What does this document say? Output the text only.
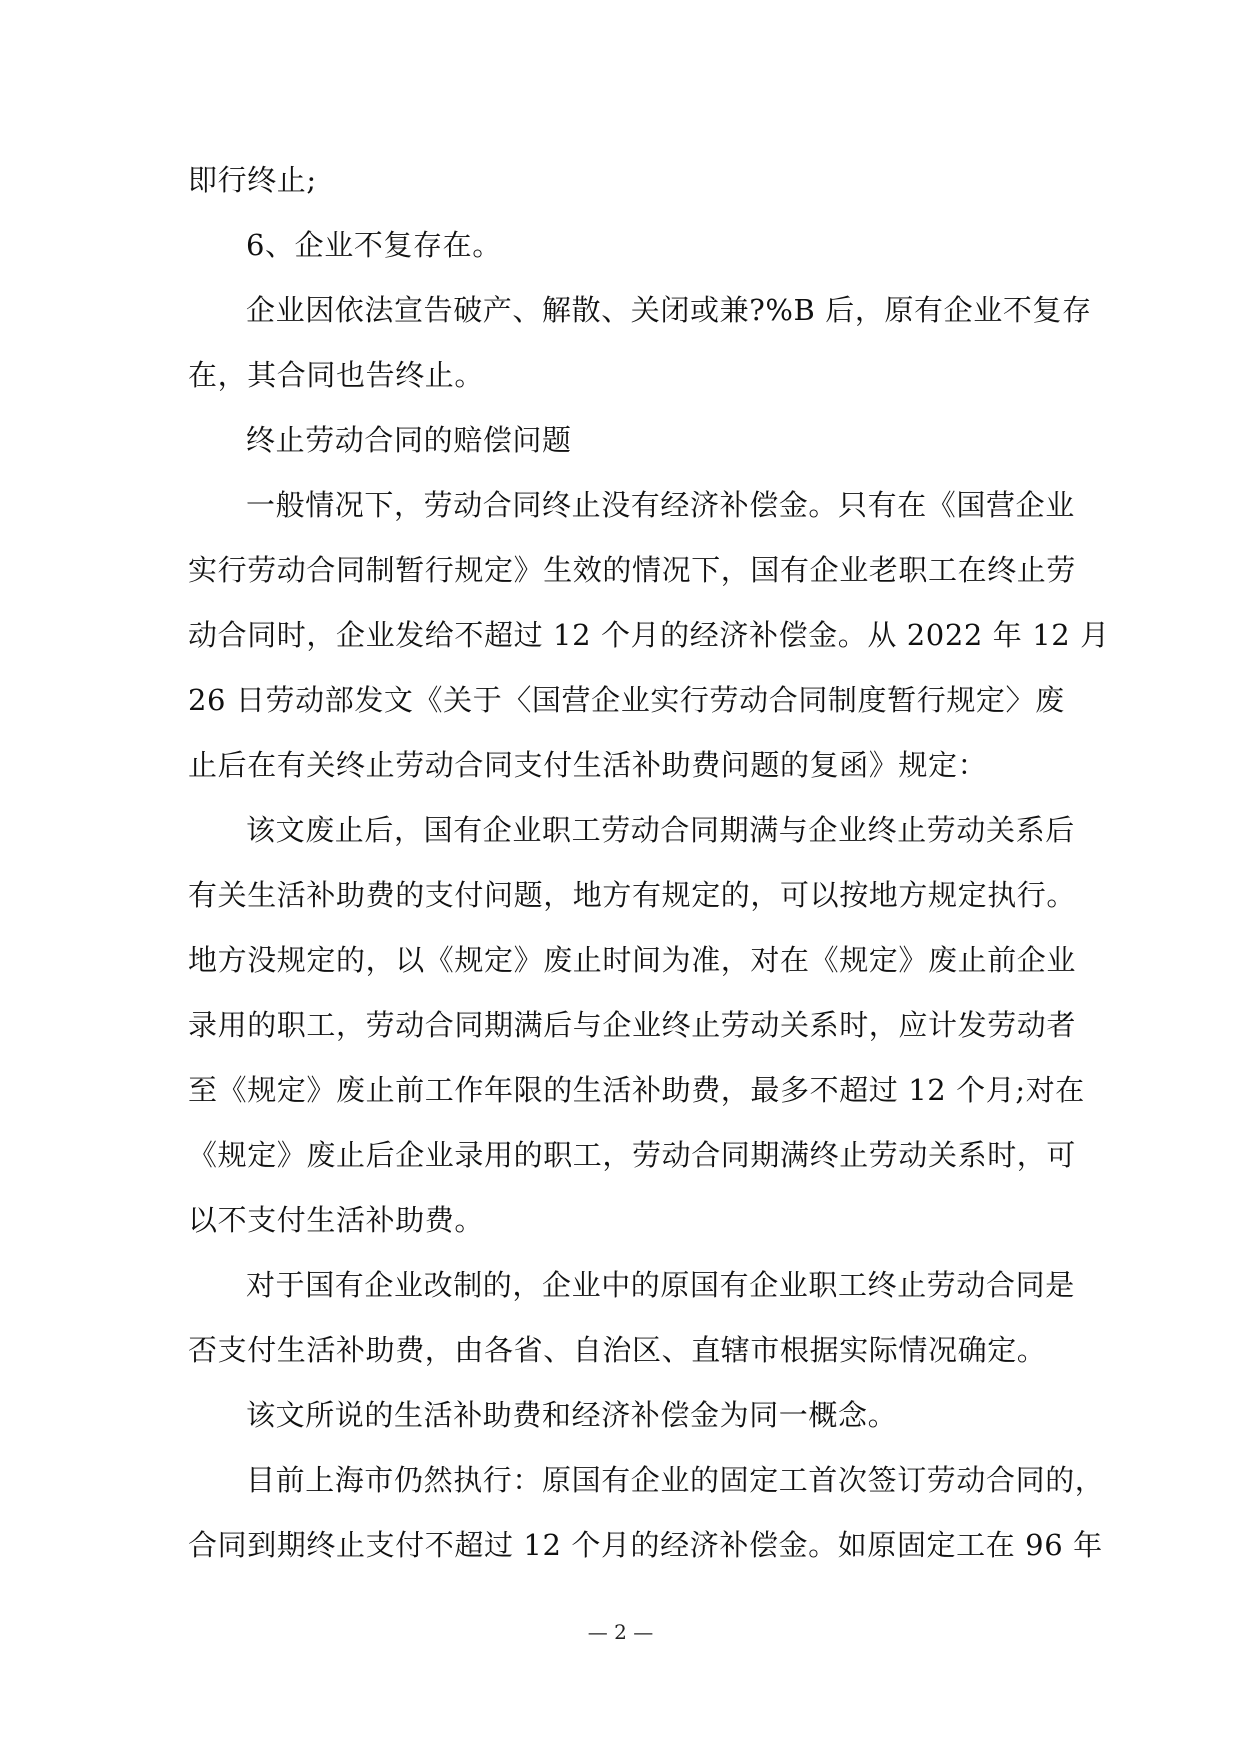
即行终止;
6、企业不复存在。
企业因依法宣告破产、解散、关闭或兼?%B 后，原有企业不复存
在，其合同也告终止。
终止劳动合同的赔偿问题
一般情况下，劳动合同终止没有经济补偿金。只有在《国营企业
实行劳动合同制暂行规定》生效的情况下，国有企业老职工在终止劳
动合同时，企业发给不超过 12 个月的经济补偿金。从 2022 年 12 月
26 日劳动部发文《关于〈国营企业实行劳动合同制度暂行规定〉废
止后在有关终止劳动合同支付生活补助费问题的复函》规定：
该文废止后，国有企业职工劳动合同期满与企业终止劳动关系后
有关生活补助费的支付问题，地方有规定的，可以按地方规定执行。
地方没规定的，以《规定》废止时间为准，对在《规定》废止前企业
录用的职工，劳动合同期满后与企业终止劳动关系时，应计发劳动者
至《规定》废止前工作年限的生活补助费，最多不超过 12 个月;对在
《规定》废止后企业录用的职工，劳动合同期满终止劳动关系时，可
以不支付生活补助费。
对于国有企业改制的，企业中的原国有企业职工终止劳动合同是
否支付生活补助费，由各省、自治区、直辖市根据实际情况确定。
该文所说的生活补助费和经济补偿金为同一概念。
目前上海市仍然执行：原国有企业的固定工首次签订劳动合同的，
合同到期终止支付不超过 12 个月的经济补偿金。如原固定工在 96 年
— 2 —
